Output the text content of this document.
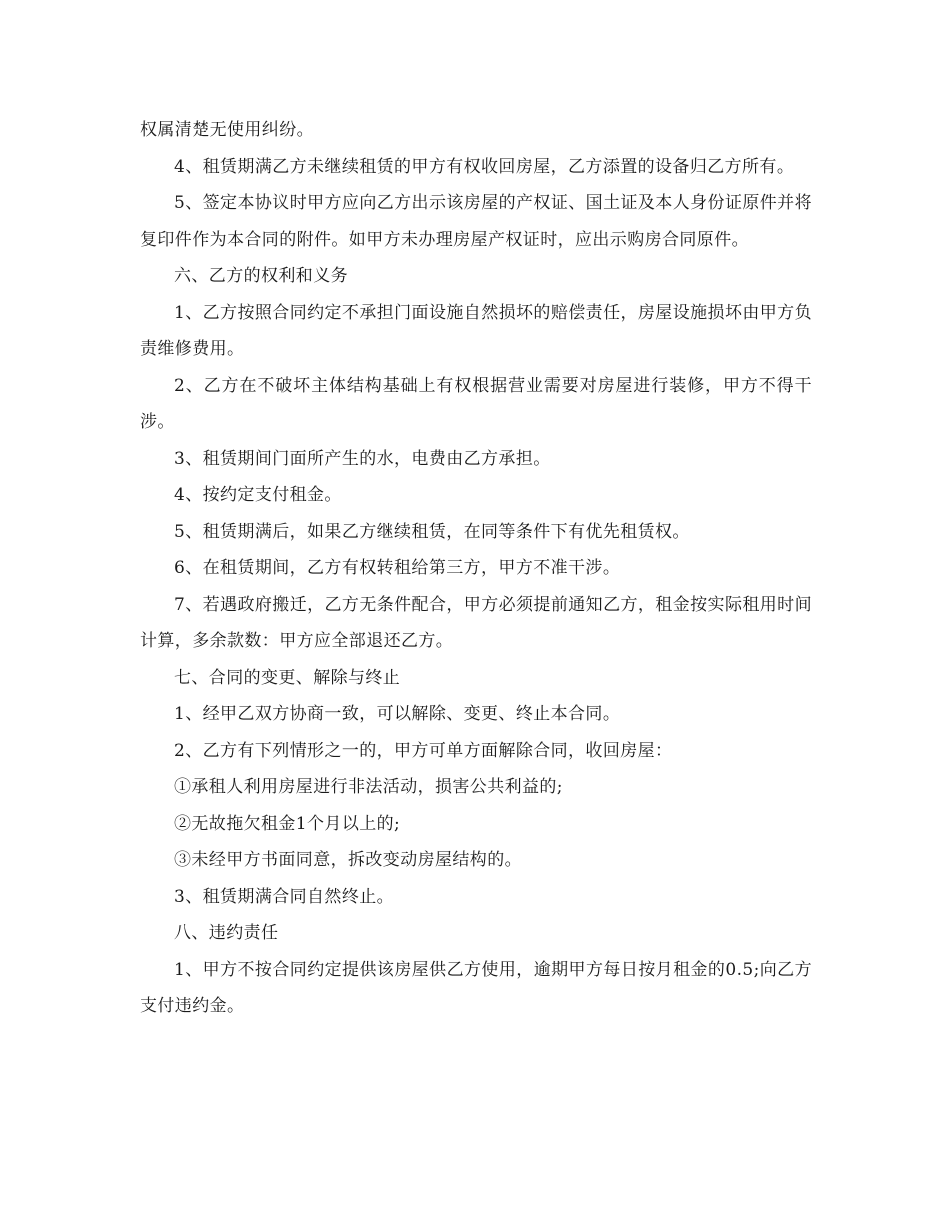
权属清楚无使用纠纷。

4、租赁期满乙方未继续租赁的甲方有权收回房屋，乙方添置的设备归乙方所有。

5、签定本协议时甲方应向乙方出示该房屋的产权证、国土证及本人身份证原件并将复印件作为本合同的附件。如甲方未办理房屋产权证时，应出示购房合同原件。

六、乙方的权利和义务

1、乙方按照合同约定不承担门面设施自然损坏的赔偿责任，房屋设施损坏由甲方负责维修费用。

2、乙方在不破坏主体结构基础上有权根据营业需要对房屋进行装修，甲方不得干涉。

3、租赁期间门面所产生的水，电费由乙方承担。

4、按约定支付租金。

5、租赁期满后，如果乙方继续租赁，在同等条件下有优先租赁权。

6、在租赁期间，乙方有权转租给第三方，甲方不准干涉。

7、若遇政府搬迁，乙方无条件配合，甲方必须提前通知乙方，租金按实际租用时间计算，多余款数：甲方应全部退还乙方。

七、合同的变更、解除与终止

1、经甲乙双方协商一致，可以解除、变更、终止本合同。

2、乙方有下列情形之一的，甲方可单方面解除合同，收回房屋：

①承租人利用房屋进行非法活动，损害公共利益的;

②无故拖欠租金1个月以上的;

③未经甲方书面同意，拆改变动房屋结构的。

3、租赁期满合同自然终止。

八、违约责任

1、甲方不按合同约定提供该房屋供乙方使用，逾期甲方每日按月租金的0.5;向乙方支付违约金。
